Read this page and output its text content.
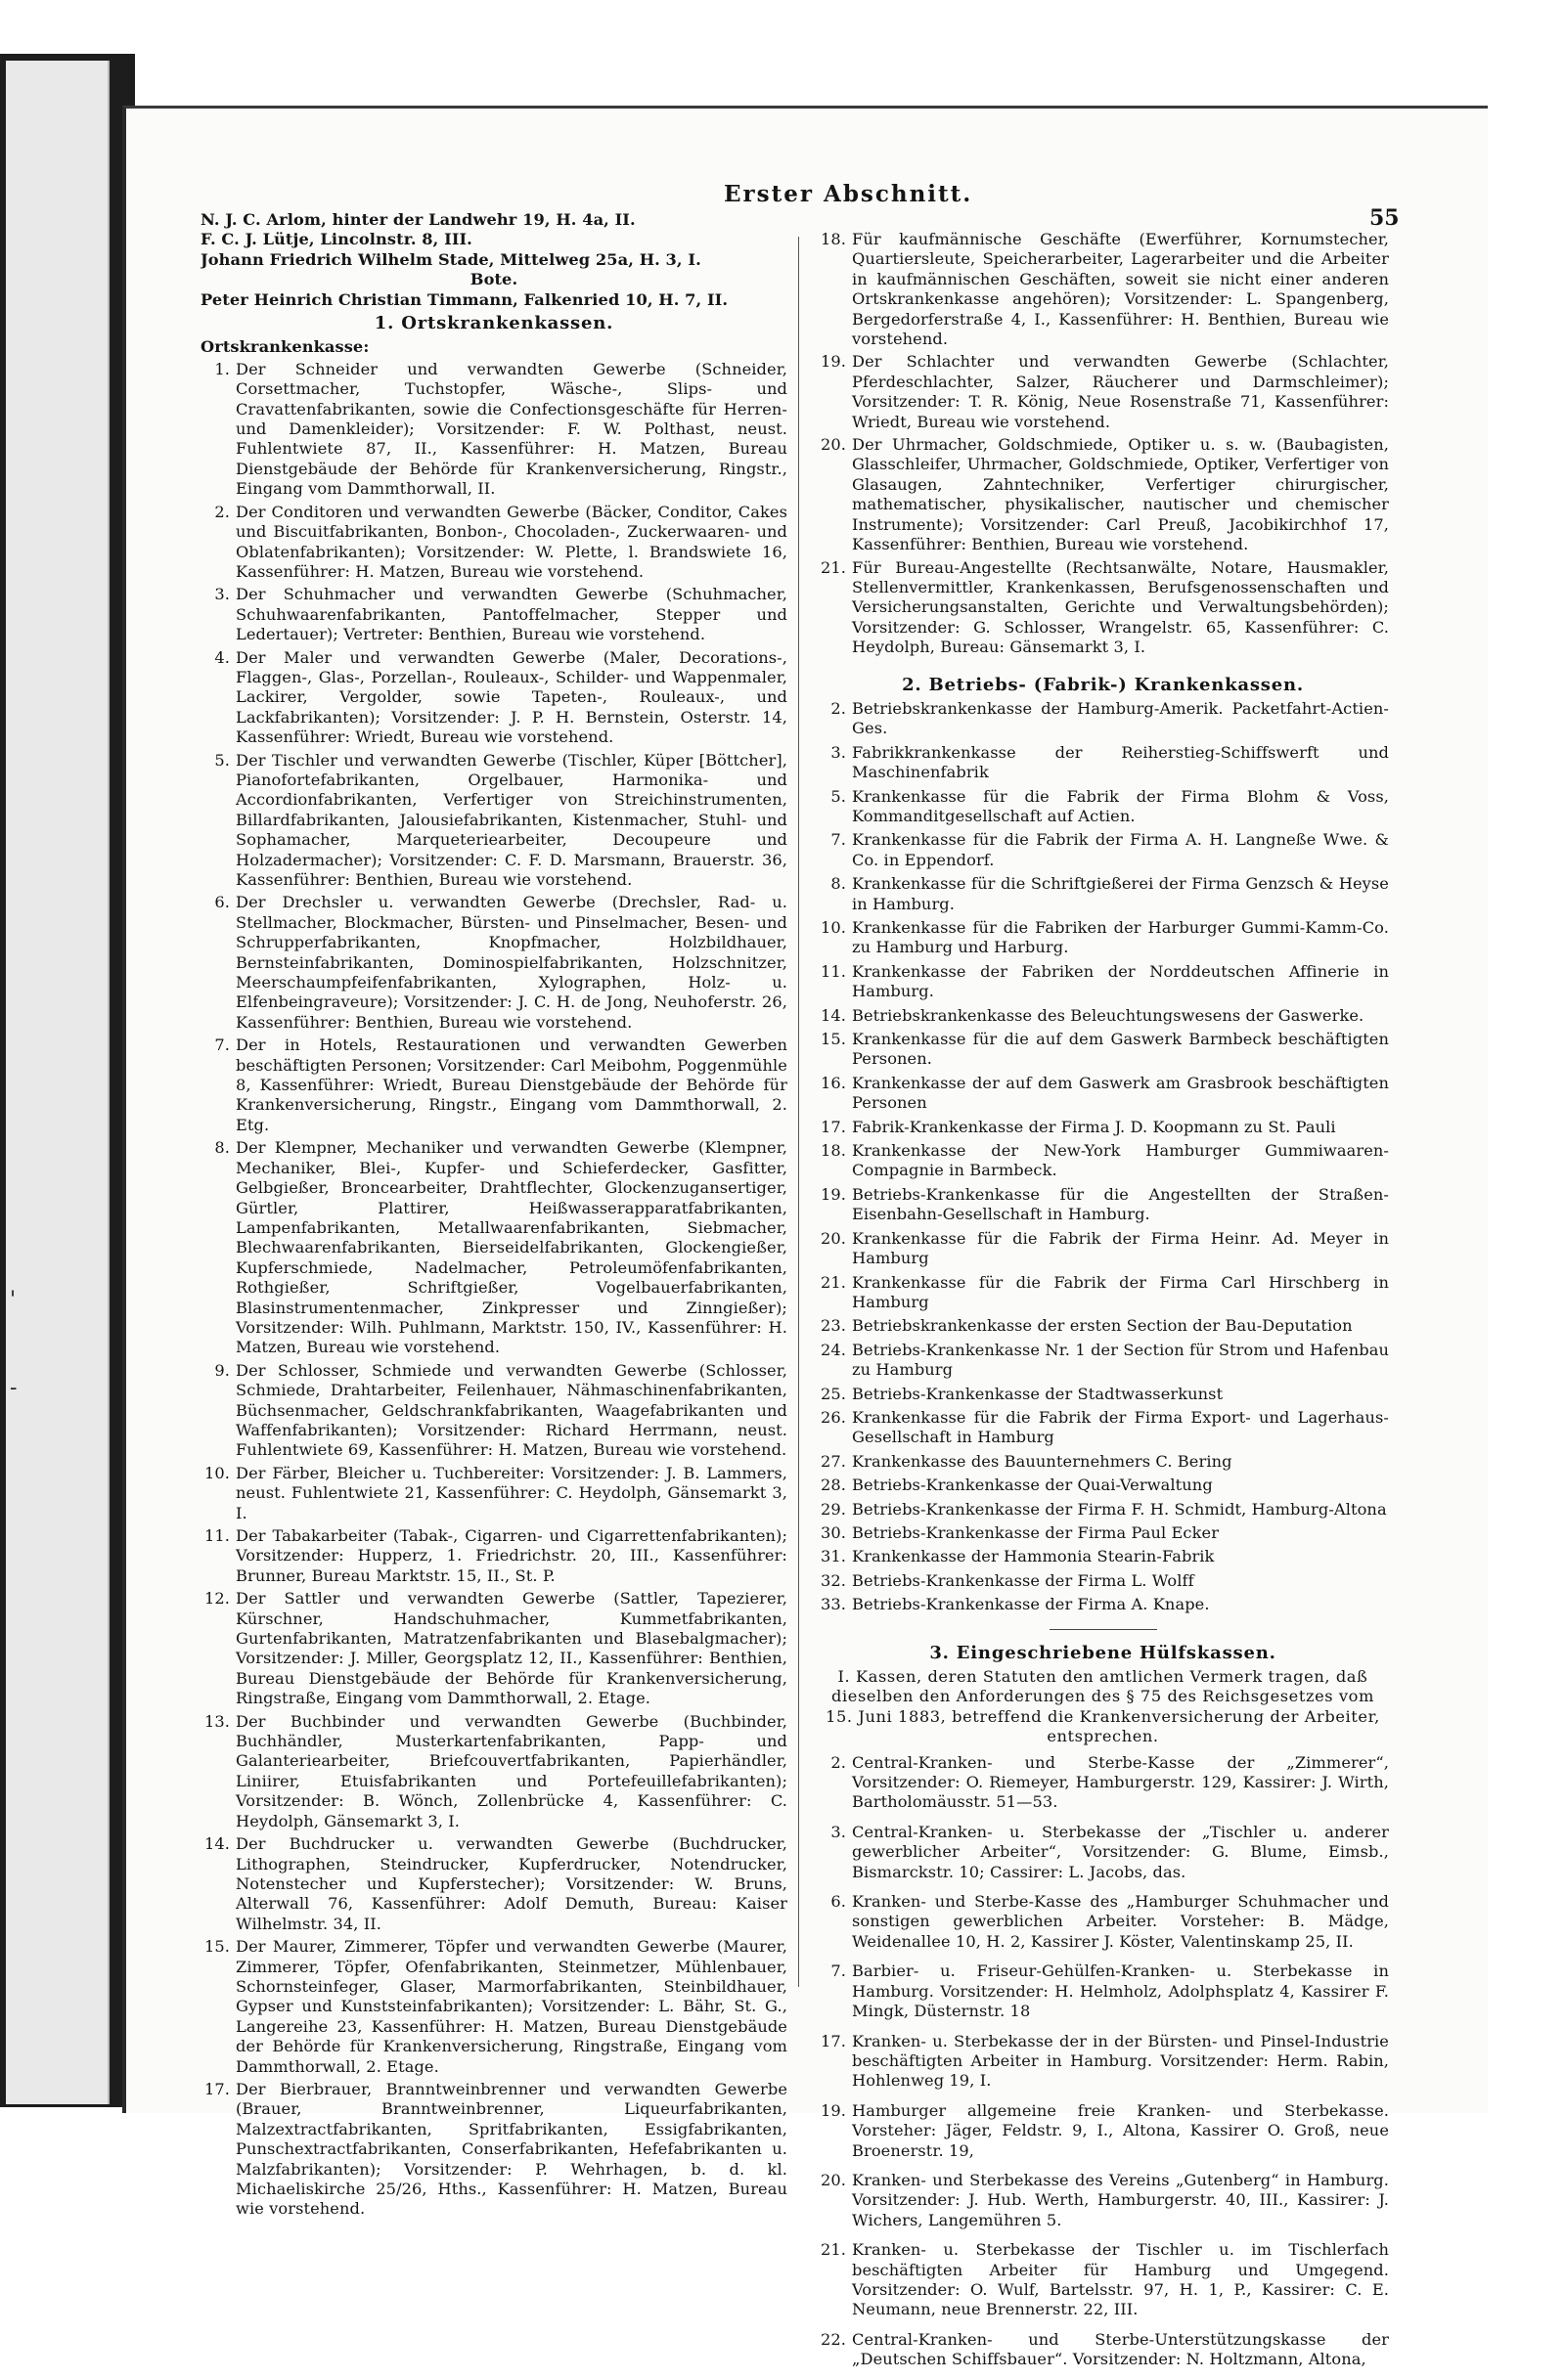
'
-
Erster Abschnitt.
55
N. J. C. Arlom, hinter der Landwehr 19, H. 4a, II.
F. C. J. Lütje, Lincolnstr. 8, III.
Johann Friedrich Wilhelm Stade, Mittelweg 25a, H. 3, I.
Bote.
Peter Heinrich Christian Timmann, Falkenried 10, H. 7, II.
1. Ortskrankenkassen.
Ortskrankenkasse:
1. Der Schneider und verwandten Gewerbe (Schneider, Corsettmacher, Tuchstopfer, Wäsche-, Slips- und Cravattenfabrikanten, sowie die Confectionsgeschäfte für Herren- und Damenkleider); Vorsitzender: F. W. Polthast, neust. Fuhlentwiete 87, II., Kassenführer: H. Matzen, Bureau Dienstgebäude der Behörde für Krankenversicherung, Ringstr., Eingang vom Dammthorwall, II.
2. Der Conditoren und verwandten Gewerbe (Bäcker, Conditor, Cakes und Biscuitfabrikanten, Bonbon-, Chocoladen-, Zuckerwaaren- und Oblatenfabrikanten); Vorsitzender: W. Plette, l. Brandswiete 16, Kassenführer: H. Matzen, Bureau wie vorstehend.
3. Der Schuhmacher und verwandten Gewerbe (Schuhmacher, Schuhwaarenfabrikanten, Pantoffelmacher, Stepper und Ledertauer); Vertreter: Benthien, Bureau wie vorstehend.
4. Der Maler und verwandten Gewerbe (Maler, Decorations-, Flaggen-, Glas-, Porzellan-, Rouleaux-, Schilder- und Wappenmaler, Lackirer, Vergolder, sowie Tapeten-, Rouleaux-, und Lackfabrikanten); Vorsitzender: J. P. H. Bernstein, Osterstr. 14, Kassenführer: Wriedt, Bureau wie vorstehend.
5. Der Tischler und verwandten Gewerbe (Tischler, Küper [Böttcher], Pianofortefabrikanten, Orgelbauer, Harmonika- und Accordionfabrikanten, Verfertiger von Streichinstrumenten, Billardfabrikanten, Jalousiefabrikanten, Kistenmacher, Stuhl- und Sophamacher, Marqueteriearbeiter, Decoupeure und Holzadermacher); Vorsitzender: C. F. D. Marsmann, Brauerstr. 36, Kassenführer: Benthien, Bureau wie vorstehend.
6. Der Drechsler u. verwandten Gewerbe (Drechsler, Rad- u. Stellmacher, Blockmacher, Bürsten- und Pinselmacher, Besen- und Schrupperfabrikanten, Knopfmacher, Holzbildhauer, Bernsteinfabrikanten, Dominospielfabrikanten, Holzschnitzer, Meerschaumpfeifenfabrikanten, Xylographen, Holz- u. Elfenbeingraveure); Vorsitzender: J. C. H. de Jong, Neuhoferstr. 26, Kassenführer: Benthien, Bureau wie vorstehend.
7. Der in Hotels, Restaurationen und verwandten Gewerben beschäftigten Personen; Vorsitzender: Carl Meibohm, Poggenmühle 8, Kassenführer: Wriedt, Bureau Dienstgebäude der Behörde für Krankenversicherung, Ringstr., Eingang vom Dammthorwall, 2. Etg.
8. Der Klempner, Mechaniker und verwandten Gewerbe (Klempner, Mechaniker, Blei-, Kupfer- und Schieferdecker, Gasfitter, Gelbgießer, Broncearbeiter, Drahtflechter, Glockenzugansertiger, Gürtler, Plattirer, Heißwasserapparatfabrikanten, Lampenfabrikanten, Metallwaarenfabrikanten, Siebmacher, Blechwaarenfabrikanten, Bierseidelfabrikanten, Glockengießer, Kupferschmiede, Nadelmacher, Petroleumöfenfabrikanten, Rothgießer, Schriftgießer, Vogelbauerfabrikanten, Blasinstrumentenmacher, Zinkpresser und Zinngießer); Vorsitzender: Wilh. Puhlmann, Marktstr. 150, IV., Kassenführer: H. Matzen, Bureau wie vorstehend.
9. Der Schlosser, Schmiede und verwandten Gewerbe (Schlosser, Schmiede, Drahtarbeiter, Feilenhauer, Nähmaschinenfabrikanten, Büchsenmacher, Geldschrankfabrikanten, Waagefabrikanten und Waffenfabrikanten); Vorsitzender: Richard Herrmann, neust. Fuhlentwiete 69, Kassenführer: H. Matzen, Bureau wie vorstehend.
10. Der Färber, Bleicher u. Tuchbereiter: Vorsitzender: J. B. Lammers, neust. Fuhlentwiete 21, Kassenführer: C. Heydolph, Gänsemarkt 3, I.
11. Der Tabakarbeiter (Tabak-, Cigarren- und Cigarrettenfabrikanten); Vorsitzender: Hupperz, 1. Friedrichstr. 20, III., Kassenführer: Brunner, Bureau Marktstr. 15, II., St. P.
12. Der Sattler und verwandten Gewerbe (Sattler, Tapezierer, Kürschner, Handschuhmacher, Kummetfabrikanten, Gurtenfabrikanten, Matratzenfabrikanten und Blasebalgmacher); Vorsitzender: J. Miller, Georgsplatz 12, II., Kassenführer: Benthien, Bureau Dienstgebäude der Behörde für Krankenversicherung, Ringstraße, Eingang vom Dammthorwall, 2. Etage.
13. Der Buchbinder und verwandten Gewerbe (Buchbinder, Buchhändler, Musterkartenfabrikanten, Papp- und Galanteriearbeiter, Briefcouvertfabrikanten, Papierhändler, Liniirer, Etuisfabrikanten und Portefeuillefabrikanten); Vorsitzender: B. Wönch, Zollenbrücke 4, Kassenführer: C. Heydolph, Gänsemarkt 3, I.
14. Der Buchdrucker u. verwandten Gewerbe (Buchdrucker, Lithographen, Steindrucker, Kupferdrucker, Notendrucker, Notenstecher und Kupferstecher); Vorsitzender: W. Bruns, Alterwall 76, Kassenführer: Adolf Demuth, Bureau: Kaiser Wilhelmstr. 34, II.
15. Der Maurer, Zimmerer, Töpfer und verwandten Gewerbe (Maurer, Zimmerer, Töpfer, Ofenfabrikanten, Steinmetzer, Mühlenbauer, Schornsteinfeger, Glaser, Marmorfabrikanten, Steinbildhauer, Gypser und Kunststeinfabrikanten); Vorsitzender: L. Bähr, St. G., Langereihe 23, Kassenführer: H. Matzen, Bureau Dienstgebäude der Behörde für Krankenversicherung, Ringstraße, Eingang vom Dammthorwall, 2. Etage.
17. Der Bierbrauer, Branntweinbrenner und verwandten Gewerbe (Brauer, Branntweinbrenner, Liqueurfabrikanten, Malzextractfabrikanten, Spritfabrikanten, Essigfabrikanten, Punschextractfabrikanten, Conserfabrikanten, Hefefabrikanten u. Malzfabrikanten); Vorsitzender: P. Wehrhagen, b. d. kl. Michaeliskirche 25/26, Hths., Kassenführer: H. Matzen, Bureau wie vorstehend.
18. Für kaufmännische Geschäfte (Ewerführer, Kornumstecher, Quartiersleute, Speicherarbeiter, Lagerarbeiter und die Arbeiter in kaufmännischen Geschäften, soweit sie nicht einer anderen Ortskrankenkasse angehören); Vorsitzender: L. Spangenberg, Bergedorferstraße 4, I., Kassenführer: H. Benthien, Bureau wie vorstehend.
19. Der Schlachter und verwandten Gewerbe (Schlachter, Pferdeschlachter, Salzer, Räucherer und Darmschleimer); Vorsitzender: T. R. König, Neue Rosenstraße 71, Kassenführer: Wriedt, Bureau wie vorstehend.
20. Der Uhrmacher, Goldschmiede, Optiker u. s. w. (Baubagisten, Glasschleifer, Uhrmacher, Goldschmiede, Optiker, Verfertiger von Glasaugen, Zahntechniker, Verfertiger chirurgischer, mathematischer, physikalischer, nautischer und chemischer Instrumente); Vorsitzender: Carl Preuß, Jacobikirchhof 17, Kassenführer: Benthien, Bureau wie vorstehend.
21. Für Bureau-Angestellte (Rechtsanwälte, Notare, Hausmakler, Stellenvermittler, Krankenkassen, Berufsgenossenschaften und Versicherungsanstalten, Gerichte und Verwaltungsbehörden); Vorsitzender: G. Schlosser, Wrangelstr. 65, Kassenführer: C. Heydolph, Bureau: Gänsemarkt 3, I.
2. Betriebs- (Fabrik-) Krankenkassen.
2. Betriebskrankenkasse der Hamburg-Amerik. Packetfahrt-Actien-Ges.
3. Fabrikkrankenkasse der Reiherstieg-Schiffswerft und Maschinenfabrik
5. Krankenkasse für die Fabrik der Firma Blohm & Voss, Kommanditgesellschaft auf Actien.
7. Krankenkasse für die Fabrik der Firma A. H. Langneße Wwe. & Co. in Eppendorf.
8. Krankenkasse für die Schriftgießerei der Firma Genzsch & Heyse in Hamburg.
10. Krankenkasse für die Fabriken der Harburger Gummi-Kamm-Co. zu Hamburg und Harburg.
11. Krankenkasse der Fabriken der Norddeutschen Affinerie in Hamburg.
14. Betriebskrankenkasse des Beleuchtungswesens der Gaswerke.
15. Krankenkasse für die auf dem Gaswerk Barmbeck beschäftigten Personen.
16. Krankenkasse der auf dem Gaswerk am Grasbrook beschäftigten Personen
17. Fabrik-Krankenkasse der Firma J. D. Koopmann zu St. Pauli
18. Krankenkasse der New-York Hamburger Gummiwaaren-Compagnie in Barmbeck.
19. Betriebs-Krankenkasse für die Angestellten der Straßen-Eisenbahn-Gesellschaft in Hamburg.
20. Krankenkasse für die Fabrik der Firma Heinr. Ad. Meyer in Hamburg
21. Krankenkasse für die Fabrik der Firma Carl Hirschberg in Hamburg
23. Betriebskrankenkasse der ersten Section der Bau-Deputation
24. Betriebs-Krankenkasse Nr. 1 der Section für Strom und Hafenbau zu Hamburg
25. Betriebs-Krankenkasse der Stadtwasserkunst
26. Krankenkasse für die Fabrik der Firma Export- und Lagerhaus-Gesellschaft in Hamburg
27. Krankenkasse des Bauunternehmers C. Bering
28. Betriebs-Krankenkasse der Quai-Verwaltung
29. Betriebs-Krankenkasse der Firma F. H. Schmidt, Hamburg-Altona
30. Betriebs-Krankenkasse der Firma Paul Ecker
31. Krankenkasse der Hammonia Stearin-Fabrik
32. Betriebs-Krankenkasse der Firma L. Wolff
33. Betriebs-Krankenkasse der Firma A. Knape.
3. Eingeschriebene Hülfskassen.
I. Kassen, deren Statuten den amtlichen Vermerk tragen, daß dieselben den Anforderungen des § 75 des Reichsgesetzes vom 15. Juni 1883, betreffend die Krankenversicherung der Arbeiter, entsprechen.
2. Central-Kranken- und Sterbe-Kasse der „Zimmerer“, Vorsitzender: O. Riemeyer, Hamburgerstr. 129, Kassirer: J. Wirth, Bartholomäusstr. 51—53.
3. Central-Kranken- u. Sterbekasse der „Tischler u. anderer gewerblicher Arbeiter“, Vorsitzender: G. Blume, Eimsb., Bismarckstr. 10; Cassirer: L. Jacobs, das.
6. Kranken- und Sterbe-Kasse des „Hamburger Schuhmacher und sonstigen gewerblichen Arbeiter. Vorsteher: B. Mädge, Weidenallee 10, H. 2, Kassirer J. Köster, Valentinskamp 25, II.
7. Barbier- u. Friseur-Gehülfen-Kranken- u. Sterbekasse in Hamburg. Vorsitzender: H. Helmholz, Adolphsplatz 4, Kassirer F. Mingk, Düsternstr. 18
17. Kranken- u. Sterbekasse der in der Bürsten- und Pinsel-Industrie beschäftigten Arbeiter in Hamburg. Vorsitzender: Herm. Rabin, Hohlenweg 19, I.
19. Hamburger allgemeine freie Kranken- und Sterbekasse. Vorsteher: Jäger, Feldstr. 9, I., Altona, Kassirer O. Groß, neue Broenerstr. 19,
20. Kranken- und Sterbekasse des Vereins „Gutenberg“ in Hamburg. Vorsitzender: J. Hub. Werth, Hamburgerstr. 40, III., Kassirer: J. Wichers, Langemühren 5.
21. Kranken- u. Sterbekasse der Tischler u. im Tischlerfach beschäftigten Arbeiter für Hamburg und Umgegend. Vorsitzender: O. Wulf, Bartelsstr. 97, H. 1, P., Kassirer: C. E. Neumann, neue Brennerstr. 22, III.
22. Central-Kranken- und Sterbe-Unterstützungskasse der „Deutschen Schiffsbauer“. Vorsitzender: N. Holtzmann, Altona,
